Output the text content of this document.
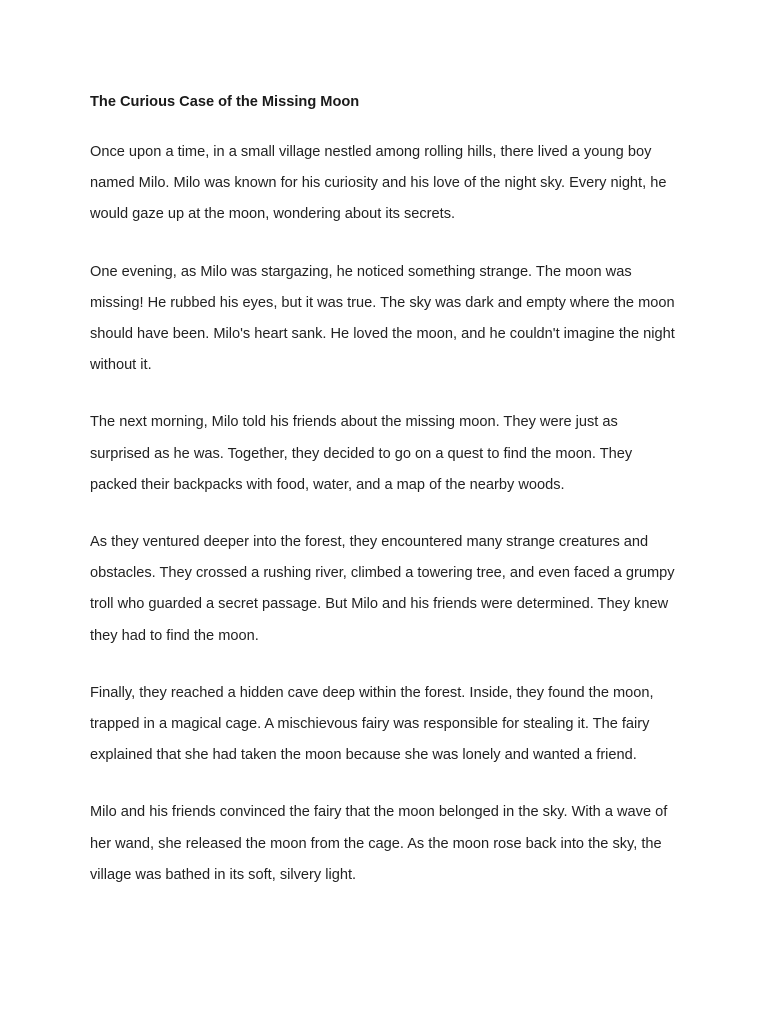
The Curious Case of the Missing Moon

Once upon a time, in a small village nestled among rolling hills, there lived a young boy named Milo. Milo was known for his curiosity and his love of the night sky. Every night, he would gaze up at the moon, wondering about its secrets.

One evening, as Milo was stargazing, he noticed something strange. The moon was missing! He rubbed his eyes, but it was true. The sky was dark and empty where the moon should have been. Milo's heart sank. He loved the moon, and he couldn't imagine the night without it.

The next morning, Milo told his friends about the missing moon. They were just as surprised as he was. Together, they decided to go on a quest to find the moon. They packed their backpacks with food, water, and a map of the nearby woods.

As they ventured deeper into the forest, they encountered many strange creatures and obstacles. They crossed a rushing river, climbed a towering tree, and even faced a grumpy troll who guarded a secret passage. But Milo and his friends were determined. They knew they had to find the moon.

Finally, they reached a hidden cave deep within the forest. Inside, they found the moon, trapped in a magical cage. A mischievous fairy was responsible for stealing it. The fairy explained that she had taken the moon because she was lonely and wanted a friend.

Milo and his friends convinced the fairy that the moon belonged in the sky. With a wave of her wand, she released the moon from the cage. As the moon rose back into the sky, the village was bathed in its soft, silvery light.
